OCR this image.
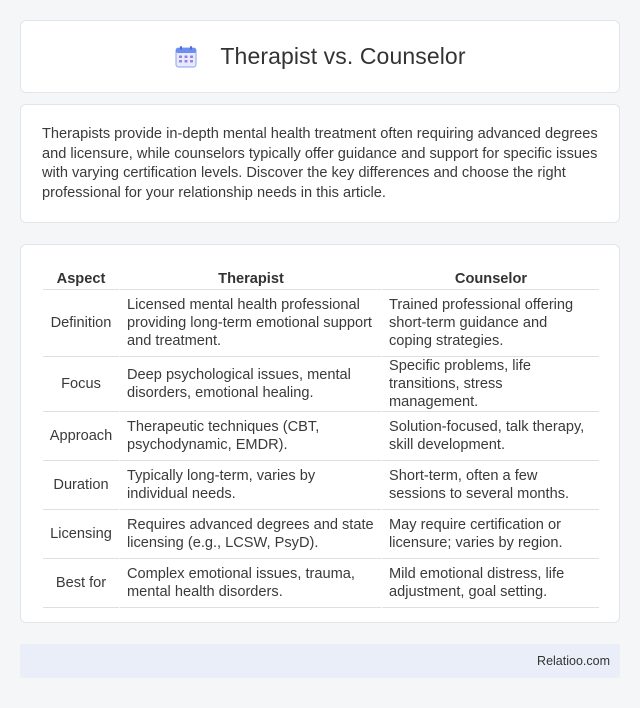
Therapist vs. Counselor

Therapists provide in-depth mental health treatment often requiring advanced degrees and licensure, while counselors typically offer guidance and support for specific issues with varying certification levels. Discover the key differences and choose the right professional for your relationship needs in this article.

Aspect	Therapist	Counselor
Definition	Licensed mental health professional providing long-term emotional support and treatment.	Trained professional offering short-term guidance and coping strategies.
Focus	Deep psychological issues, mental disorders, emotional healing.	Specific problems, life transitions, stress management.
Approach	Therapeutic techniques (CBT, psychodynamic, EMDR).	Solution-focused, talk therapy, skill development.
Duration	Typically long-term, varies by individual needs.	Short-term, often a few sessions to several months.
Licensing	Requires advanced degrees and state licensing (e.g., LCSW, PsyD).	May require certification or licensure; varies by region.
Best for	Complex emotional issues, trauma, mental health disorders.	Mild emotional distress, life adjustment, goal setting.
Relatioo.com
